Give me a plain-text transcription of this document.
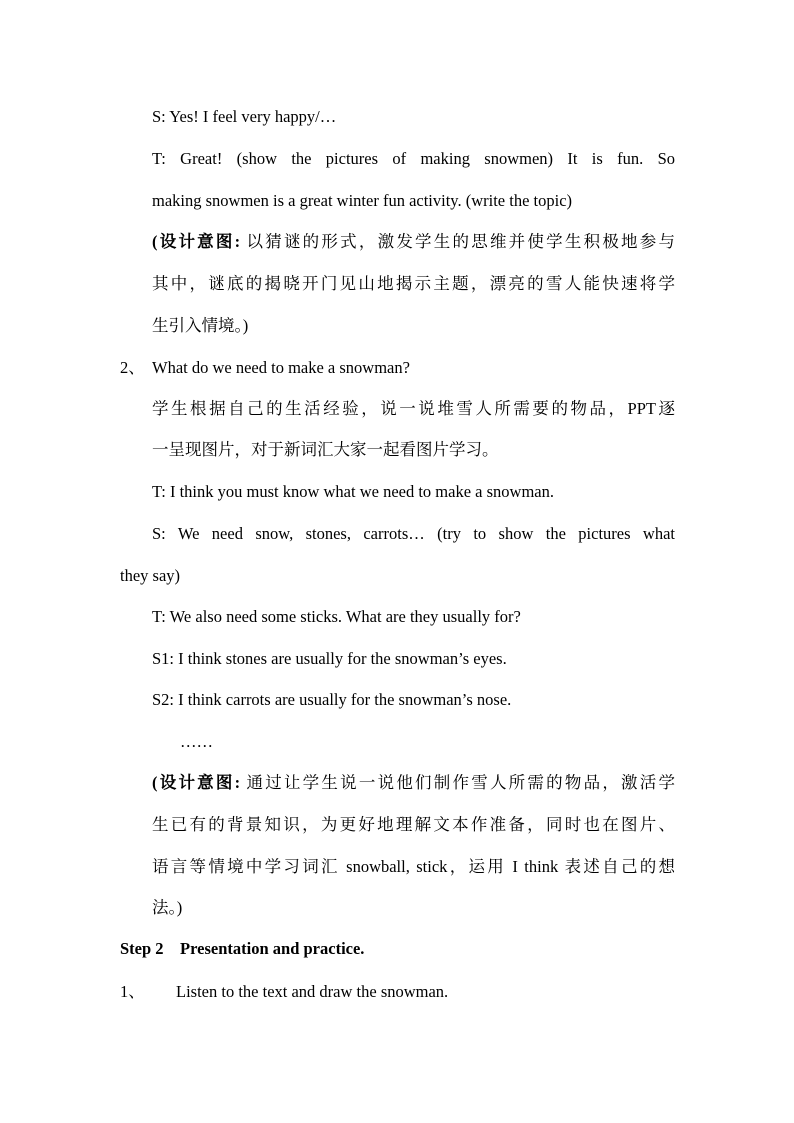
S: Yes! I feel very happy/…
T: Great! (show the pictures of making snowmen) It is fun. So
making snowmen is a great winter fun activity. (write the topic)
(设计意图: 以猜谜的形式，激发学生的思维并使学生积极地参与
其中，谜底的揭晓开门见山地揭示主题，漂亮的雪人能快速将学
生引入情境。)
2、 What do we need to make a snowman?
学生根据自己的生活经验，说一说堆雪人所需要的物品，PPT逐
一呈现图片，对于新词汇大家一起看图片学习。
T: I think you must know what we need to make a snowman.
S: We need snow, stones, carrots… (try to show the pictures what
they say)
T: We also need some sticks. What are they usually for?
S1: I think stones are usually for the snowman’s eyes.
S2: I think carrots are usually for the snowman’s nose.
……
(设计意图: 通过让学生说一说他们制作雪人所需的物品，激活学
生已有的背景知识，为更好地理解文本作准备，同时也在图片、
语言等情境中学习词汇 snowball, stick，运用 I think 表述自己的想
法。)
Step 2    Presentation and practice.
1、 Listen to the text and draw the snowman.
